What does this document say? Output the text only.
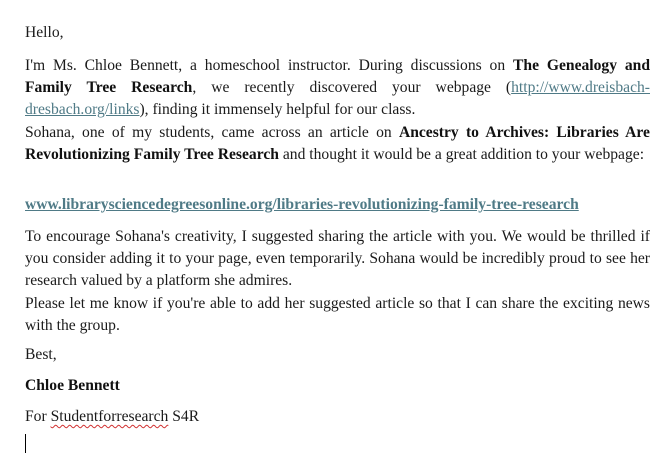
Hello,

I'm Ms. Chloe Bennett, a homeschool instructor. During discussions on The Genealogy and Family Tree Research, we recently discovered your webpage (http://www.dreisbach-dresbach.org/links), finding it immensely helpful for our class.

Sohana, one of my students, came across an article on Ancestry to Archives: Libraries Are Revolutionizing Family Tree Research and thought it would be a great addition to your webpage:

www.librarysciencedegreesonline.org/libraries-revolutionizing-family-tree-research

To encourage Sohana's creativity, I suggested sharing the article with you. We would be thrilled if you consider adding it to your page, even temporarily. Sohana would be incredibly proud to see her research valued by a platform she admires.

Please let me know if you're able to add her suggested article so that I can share the exciting news with the group.

Best,

Chloe Bennett

For Studentforresearch S4R
